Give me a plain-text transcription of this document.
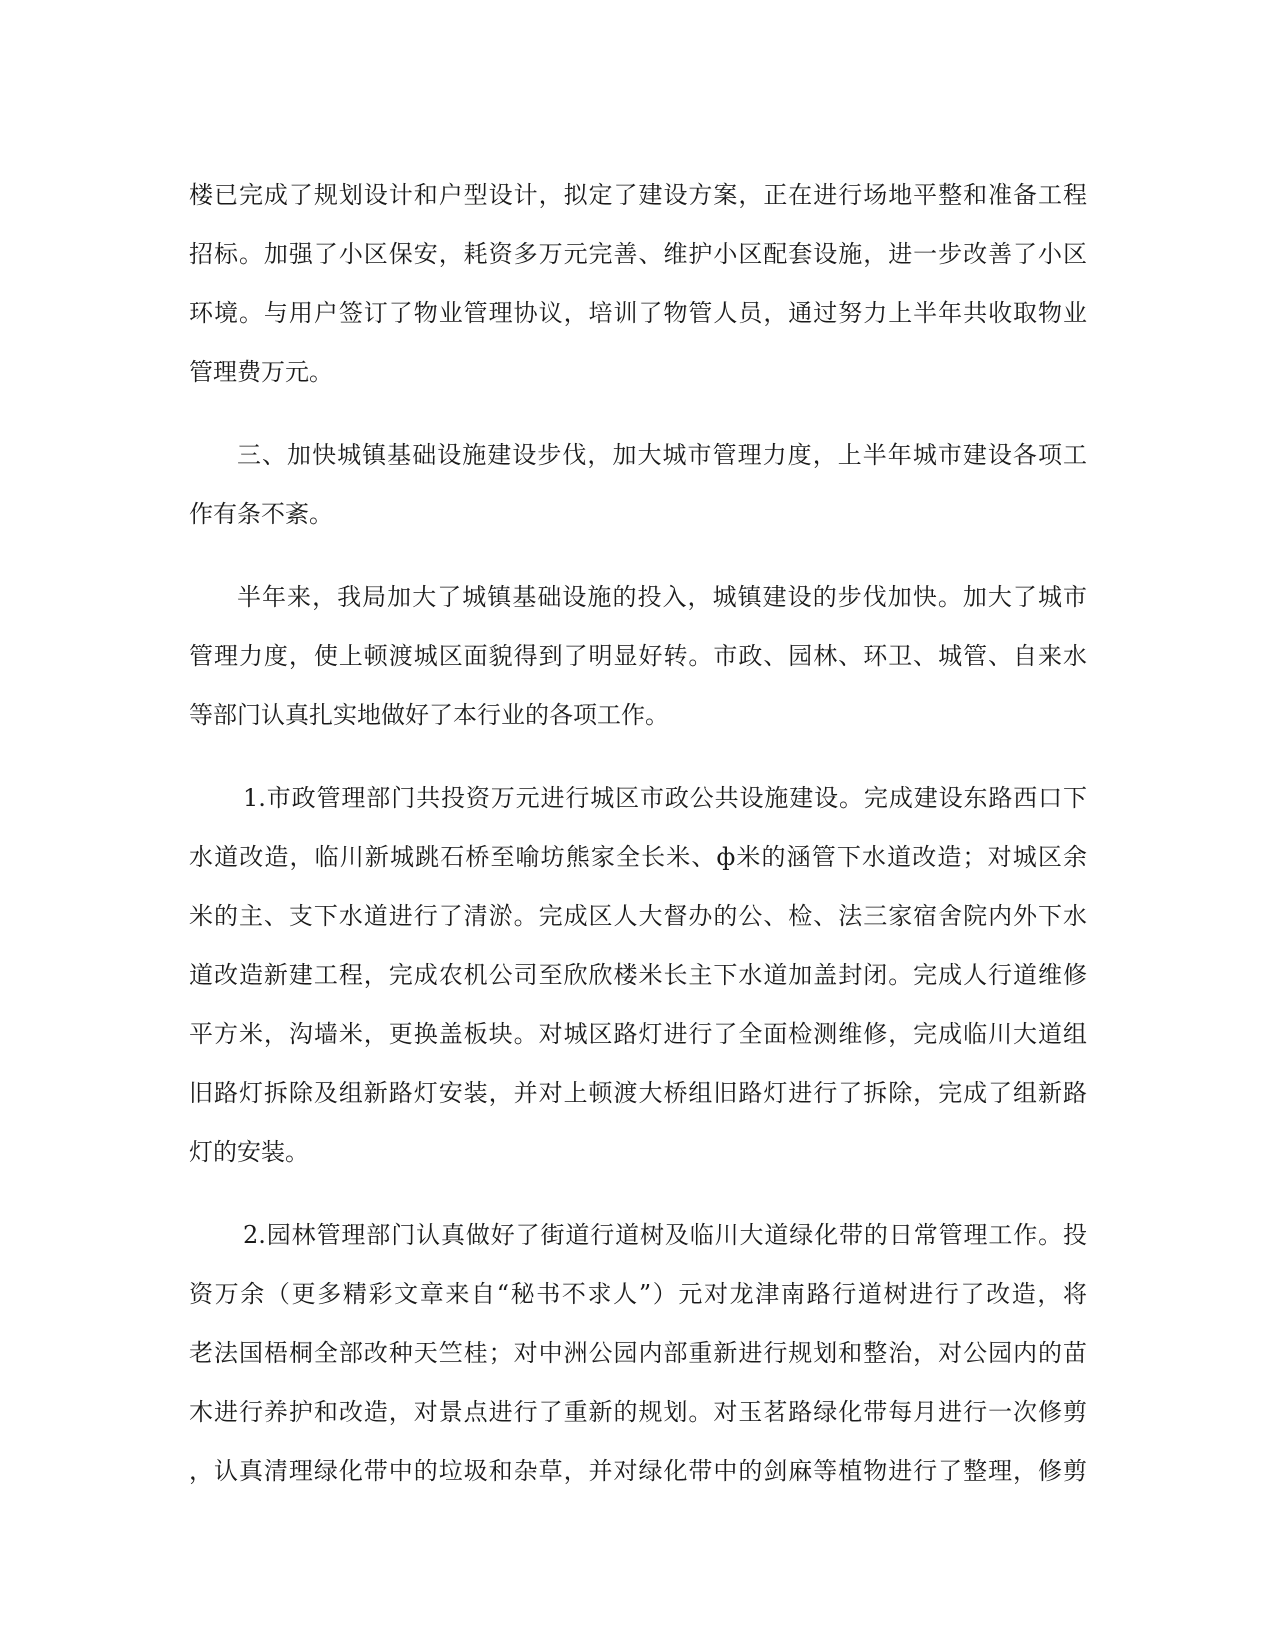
楼已完成了规划设计和户型设计，拟定了建设方案，正在进行场地平整和准备工程
招标。加强了小区保安，耗资多万元完善、维护小区配套设施，进一步改善了小区
环境。与用户签订了物业管理协议，培训了物管人员，通过努力上半年共收取物业
管理费万元。
三、加快城镇基础设施建设步伐，加大城市管理力度，上半年城市建设各项工
作有条不紊。
半年来，我局加大了城镇基础设施的投入，城镇建设的步伐加快。加大了城市
管理力度，使上顿渡城区面貌得到了明显好转。市政、园林、环卫、城管、自来水
等部门认真扎实地做好了本行业的各项工作。
1.市政管理部门共投资万元进行城区市政公共设施建设。完成建设东路西口下
水道改造，临川新城跳石桥至喻坊熊家全长米、ф米的涵管下水道改造；对城区余
米的主、支下水道进行了清淤。完成区人大督办的公、检、法三家宿舍院内外下水
道改造新建工程，完成农机公司至欣欣楼米长主下水道加盖封闭。完成人行道维修
平方米，沟墙米，更换盖板块。对城区路灯进行了全面检测维修，完成临川大道组
旧路灯拆除及组新路灯安装，并对上顿渡大桥组旧路灯进行了拆除，完成了组新路
灯的安装。
2.园林管理部门认真做好了街道行道树及临川大道绿化带的日常管理工作。投
资万余（更多精彩文章来自“秘书不求人”）元对龙津南路行道树进行了改造，将
老法国梧桐全部改种天竺桂；对中洲公园内部重新进行规划和整治，对公园内的苗
木进行养护和改造，对景点进行了重新的规划。对玉茗路绿化带每月进行一次修剪
，认真清理绿化带中的垃圾和杂草，并对绿化带中的剑麻等植物进行了整理，修剪
